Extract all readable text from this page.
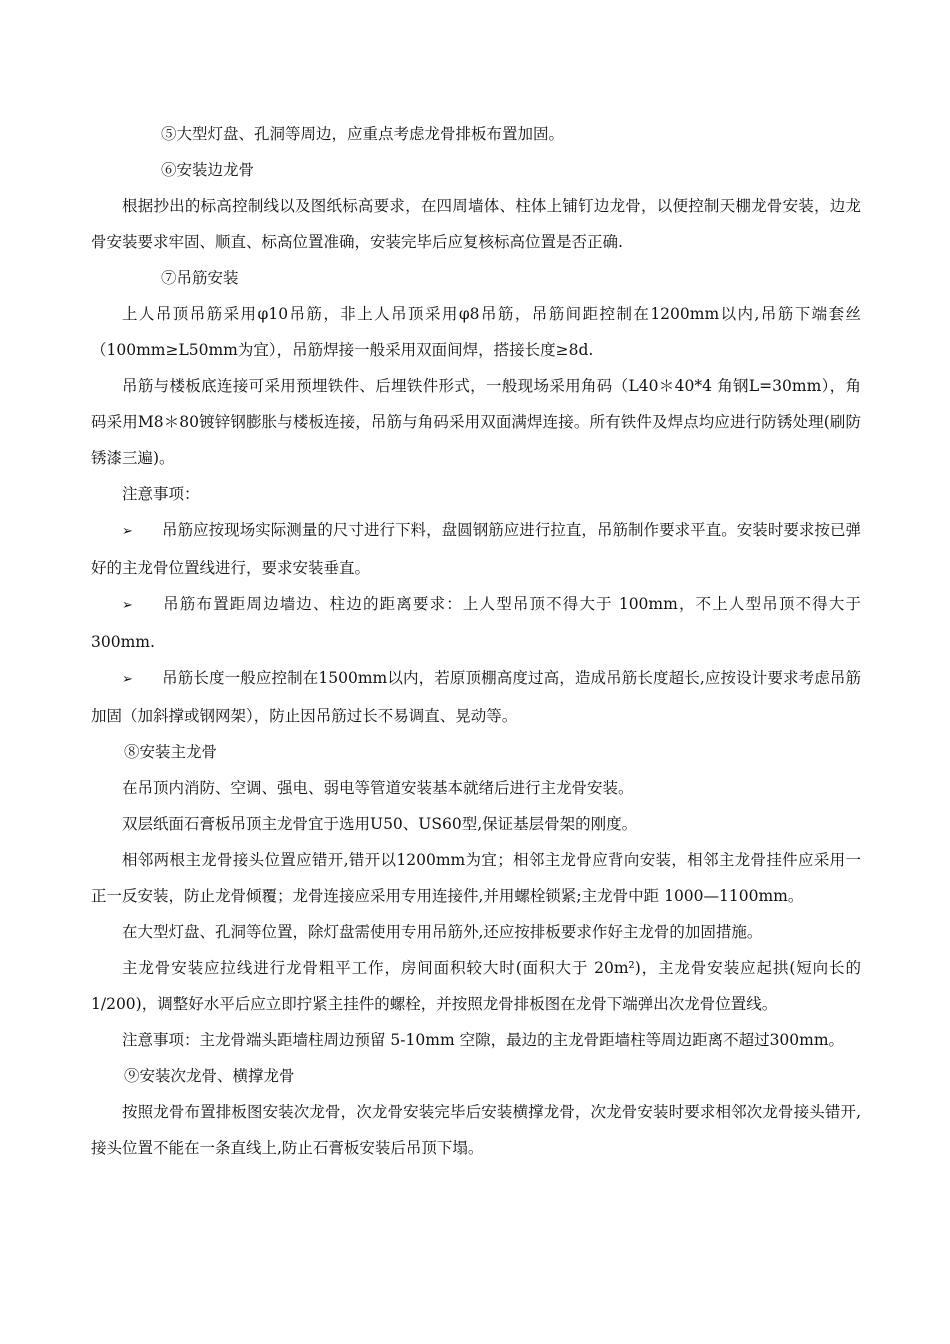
⑤大型灯盘、孔洞等周边，应重点考虑龙骨排板布置加固。

⑥安装边龙骨

根据抄出的标高控制线以及图纸标高要求，在四周墙体、柱体上铺钉边龙骨，以便控制天棚龙骨安装，边龙骨安装要求牢固、顺直、标高位置准确，安装完毕后应复核标高位置是否正确.

⑦吊筋安装

上人吊顶吊筋采用φ10吊筋，非上人吊顶采用φ8吊筋，吊筋间距控制在1200mm以内,吊筋下端套丝（100mm≥L50mm为宜），吊筋焊接一般采用双面间焊，搭接长度≥8d.

吊筋与楼板底连接可采用预埋铁件、后埋铁件形式，一般现场采用角码（L40＊40*4 角钢L=30mm），角码采用M8＊80镀锌钢膨胀与楼板连接，吊筋与角码采用双面满焊连接。所有铁件及焊点均应进行防锈处理(刷防锈漆三遍)。

注意事项：

➢ 吊筋应按现场实际测量的尺寸进行下料，盘圆钢筋应进行拉直，吊筋制作要求平直。安装时要求按已弹好的主龙骨位置线进行，要求安装垂直。

➢ 吊筋布置距周边墙边、柱边的距离要求：上人型吊顶不得大于 100mm，不上人型吊顶不得大于300mm.

➢ 吊筋长度一般应控制在1500mm以内，若原顶棚高度过高，造成吊筋长度超长,应按设计要求考虑吊筋加固（加斜撑或钢网架），防止因吊筋过长不易调直、晃动等。

⑧安装主龙骨

在吊顶内消防、空调、强电、弱电等管道安装基本就绪后进行主龙骨安装。

双层纸面石膏板吊顶主龙骨宜于选用U50、US60型,保证基层骨架的刚度。

相邻两根主龙骨接头位置应错开,错开以1200mm为宜；相邻主龙骨应背向安装，相邻主龙骨挂件应采用一正一反安装，防止龙骨倾覆；龙骨连接应采用专用连接件,并用螺栓锁紧;主龙骨中距 1000—1100mm。

在大型灯盘、孔洞等位置，除灯盘需使用专用吊筋外,还应按排板要求作好主龙骨的加固措施。

主龙骨安装应拉线进行龙骨粗平工作，房间面积较大时(面积大于 20m²)，主龙骨安装应起拱(短向长的1/200)，调整好水平后应立即拧紧主挂件的螺栓，并按照龙骨排板图在龙骨下端弹出次龙骨位置线。

注意事项：主龙骨端头距墙柱周边预留 5-10mm 空隙，最边的主龙骨距墙柱等周边距离不超过300mm。

⑨安装次龙骨、横撑龙骨

按照龙骨布置排板图安装次龙骨，次龙骨安装完毕后安装横撑龙骨，次龙骨安装时要求相邻次龙骨接头错开,接头位置不能在一条直线上,防止石膏板安装后吊顶下塌。
